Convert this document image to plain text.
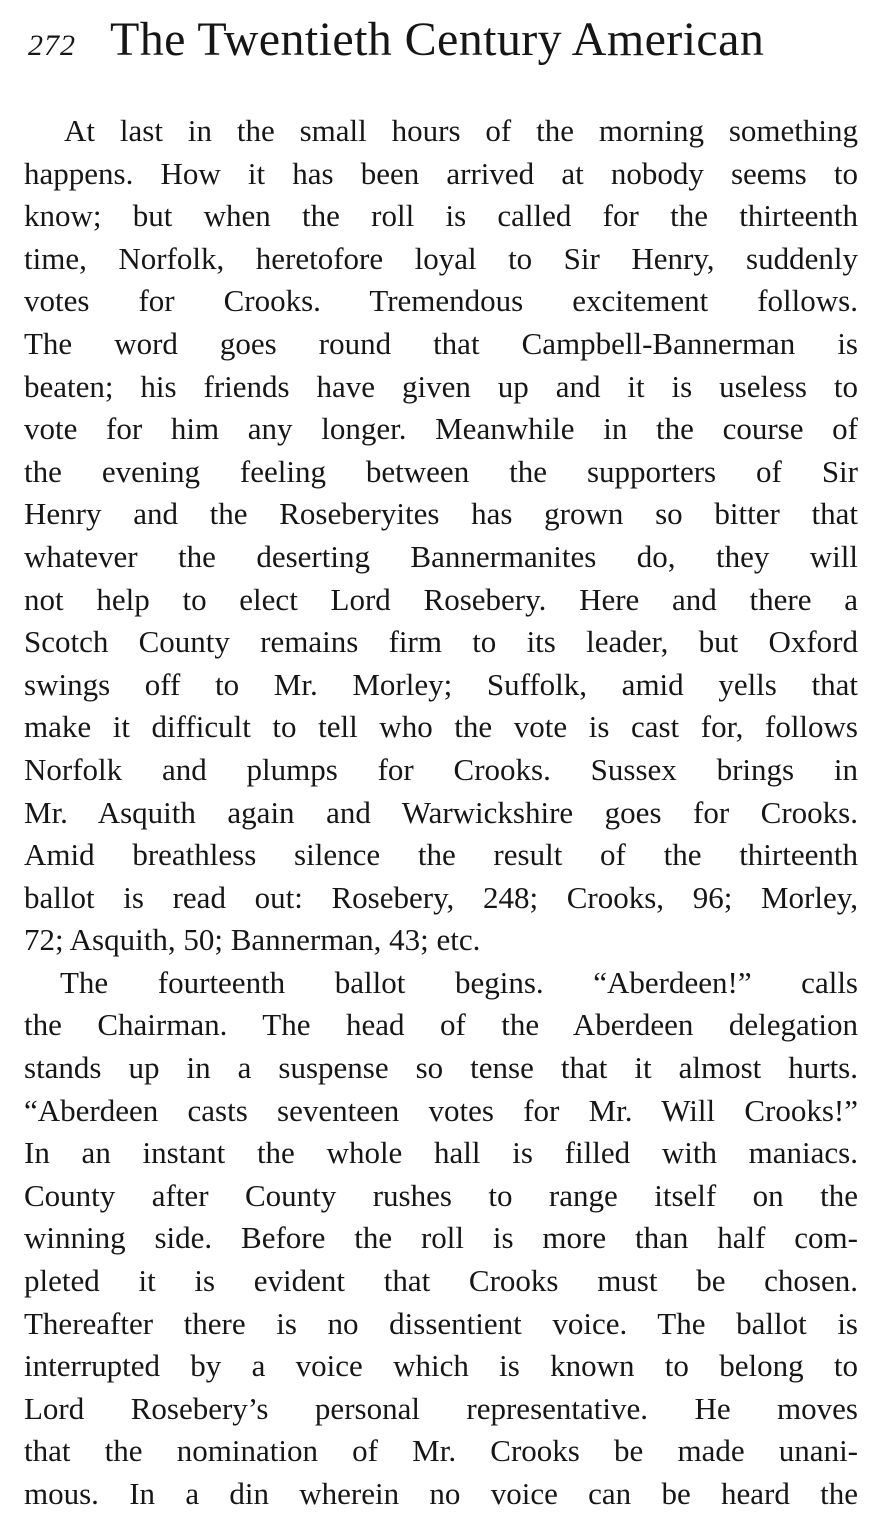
272 The Twentieth Century American
At last in the small hours of the morning something
happens. How it has been arrived at nobody seems to
know; but when the roll is called for the thirteenth
time, Norfolk, heretofore loyal to Sir Henry, suddenly
votes for Crooks. Tremendous excitement follows.
The word goes round that Campbell-Bannerman is
beaten; his friends have given up and it is useless to
vote for him any longer. Meanwhile in the course of
the evening feeling between the supporters of Sir
Henry and the Roseberyites has grown so bitter that
whatever the deserting Bannermanites do, they will
not help to elect Lord Rosebery. Here and there a
Scotch County remains firm to its leader, but Oxford
swings off to Mr. Morley; Suffolk, amid yells that
make it difficult to tell who the vote is cast for, follows
Norfolk and plumps for Crooks. Sussex brings in
Mr. Asquith again and Warwickshire goes for Crooks.
Amid breathless silence the result of the thirteenth
ballot is read out: Rosebery, 248; Crooks, 96; Morley,
72; Asquith, 50; Bannerman, 43; etc.
The fourteenth ballot begins. “Aberdeen!” calls
the Chairman. The head of the Aberdeen delegation
stands up in a suspense so tense that it almost hurts.
“Aberdeen casts seventeen votes for Mr. Will Crooks!”
In an instant the whole hall is filled with maniacs.
County after County rushes to range itself on the
winning side. Before the roll is more than half com-
pleted it is evident that Crooks must be chosen.
Thereafter there is no dissentient voice. The ballot is
interrupted by a voice which is known to belong to
Lord Rosebery’s personal representative. He moves
that the nomination of Mr. Crooks be made unani-
mous. In a din wherein no voice can be heard the
